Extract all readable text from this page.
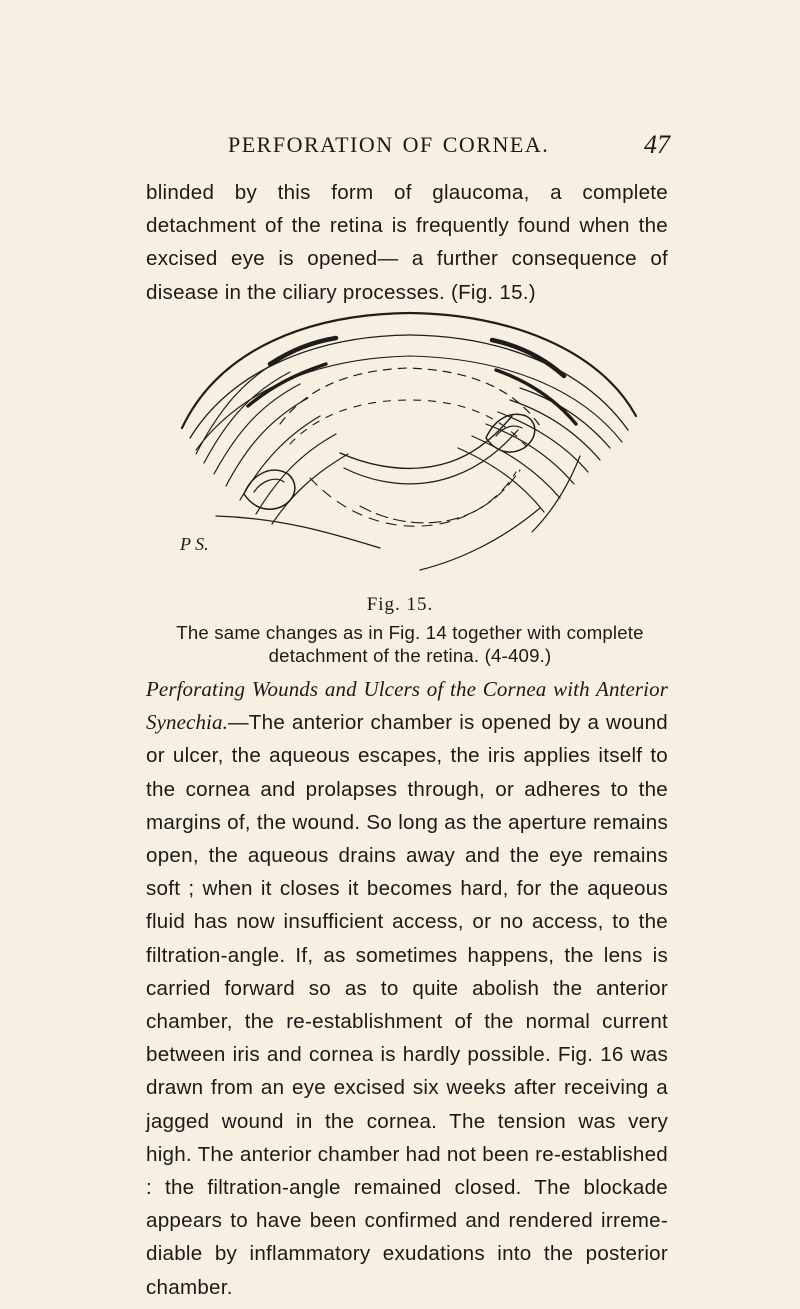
PERFORATION OF CORNEA.	47

blinded by this form of glaucoma, a complete detachment of the retina is frequently found when the excised eye is opened— a further consequence of disease in the ciliary processes. (Fig. 15.)

P S.
Fig. 15.
The same changes as in Fig. 14 together with complete detachment of the retina. (4-409.)

Perforating Wounds and Ulcers of the Cornea with Anterior Synechia.—The anterior chamber is opened by a wound or ulcer, the aqueous escapes, the iris applies itself to the cornea and prolapses through, or adheres to the margins of, the wound. So long as the aperture remains open, the aqueous drains away and the eye remains soft ; when it closes it becomes hard, for the aqueous fluid has now insufficient access, or no access, to the filtration-angle. If, as sometimes happens, the lens is carried forward so as to quite abolish the anterior chamber, the re-establishment of the normal current between iris and cornea is hardly possible. Fig. 16 was drawn from an eye excised six weeks after receiving a jagged wound in the cornea. The tension was very high. The anterior chamber had not been re-established : the filtration-angle remained closed. The blockade appears to have been confirmed and rendered irreme- diable by inflammatory exudations into the posterior chamber.
